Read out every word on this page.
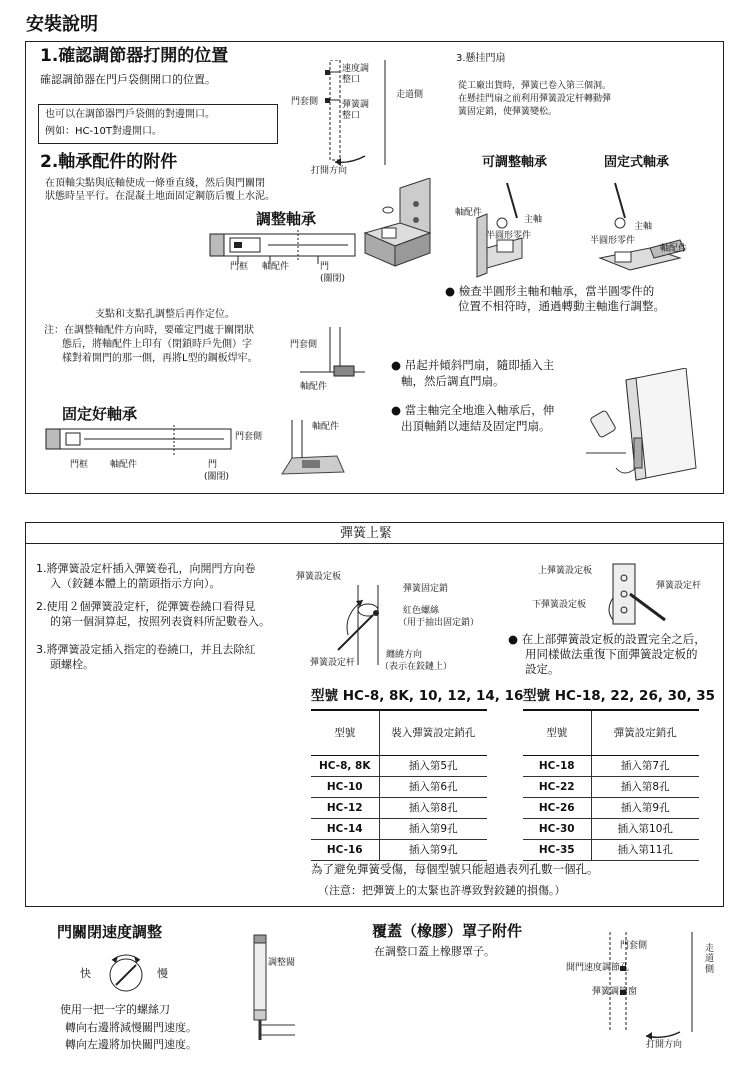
安裝說明
1.確認調節器打開的位置
確認調節器在門戶袋側開口的位置。
也可以在調節器門戶袋側的對邊開口。
例如：HC-10T對邊開口。
速度調
整口
彈簧調
整口
門套側
走道側
打開方向
2.軸承配件的附件
在頂軸尖點與底軸使成一條垂直綫，然后與門關閉
狀態時呈平行。在混凝土地面固定鋼筋后覆上水泥。
調整軸承
門框 軸配件	門
(關閉)
支點和支點孔調整后再作定位。
注：在調整軸配件方向時，要確定門處于關閉狀
態后，將軸配件上印有（閉鎖時戶先側）字
樣對着開門的那一側，再將L型的鋼板焊牢。
門套側
軸配件
固定好軸承
門框 軸配件	門
(關閉)
門套側
軸配件
3.懸挂門扇
從工廠出貨時，彈簧已卷入第三個洞。
在懸挂門扇之前利用彈簧設定杆轉動彈
簧固定銷，使彈簧變松。
可調整軸承	固定式軸承
軸配件
主軸
半圓形零件
主軸
半圓形零件
軸配件
● 檢查半圓形主軸和軸承，當半圓零件的
位置不相符時，通過轉動主軸進行調整。
● 吊起并傾斜門扇，隨即插入主
軸，然后調直門扇。
● 當主軸完全地進入軸承后，伸
出頂軸銷以連結及固定門扇。
彈簧上緊
1.將彈簧設定杆插入彈簧卷孔，向開門方向卷
入（鉸鏈本體上的箭頭指示方向）。
2.使用２個彈簧設定杆，從彈簧卷繞口看得見
的第一個洞算起，按照列表資料所記數卷入。
3.將彈簧設定插入指定的卷繞口，并且去除紅
頭螺栓。
彈簧設定板
彈簧固定銷
紅色螺絲
（用于抽出固定銷）
彈簧設定杆
纏繞方向
（表示在鉸鏈上）
上彈簧設定板
彈簧設定杆
下彈簧設定板
● 在上部彈簧設定板的設置完全之后，
用同樣做法重復下面彈簧設定板的
設定。
型號 HC-8, 8K, 10, 12, 14, 16
型號	裝入彈簧設定銷孔
HC-8, 8K	插入第5孔
HC-10	插入第6孔
HC-12	插入第8孔
HC-14	插入第9孔
HC-16	插入第9孔
型號 HC-18, 22, 26, 30, 35
型號	彈簧設定銷孔
HC-18	插入第7孔
HC-22	插入第8孔
HC-26	插入第9孔
HC-30	插入第10孔
HC-35	插入第11孔
為了避免彈簧受傷，每個型號只能超過表列孔數一個孔。
（注意：把彈簧上的太緊也許導致對鉸鏈的損傷。）
門關閉速度調整
快	慢
調整閥
使用一把一字的螺絲刀
轉向右邊將減慢關門速度。
轉向左邊將加快關門速度。
覆蓋（橡膠）罩子附件
在調整口蓋上橡膠罩子。	門套側	走
道
側
開門速度調節孔
彈簧調節窗
打開方向
